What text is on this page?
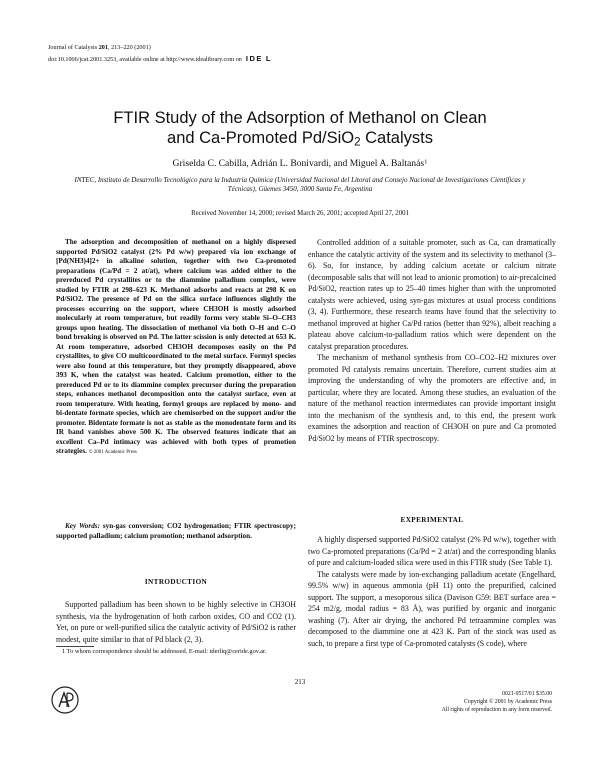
Journal of Catalysis 201, 213–220 (2001)
doi:10.1006/jcat.2001.3253, available online at http://www.idealibrary.com on IDE L
FTIR Study of the Adsorption of Methanol on Clean
and Ca-Promoted Pd/SiO$_2$ Catalysts
Griselda C. Cabilla, Adrián L. Bonivardi, and Miguel A. Baltanás$^1$
INTEC, Instituto de Desarrollo Tecnológico para la Industria Química (Universidad Nacional del Litoral and Consejo Nacional de Investigaciones Científicas y Técnicas), Güemes 3450, 3000 Santa Fe, Argentina
Received November 14, 2000; revised March 26, 2001; accepted April 27, 2001

The adsorption and decomposition of methanol on a highly dispersed supported Pd/SiO2 catalyst (2% Pd w/w) prepared via ion exchange of [Pd(NH3)4]2+ in alkaline solution, together with two Ca-promoted preparations (Ca/Pd = 2 at/at), where calcium was added either to the prereduced Pd crystallites or to the diammine palladium complex, were studied by FTIR at 298–623 K. Methanol adsorbs and reacts at 298 K on Pd/SiO2. The presence of Pd on the silica surface influences slightly the processes occurring on the support, where CH3OH is mostly adsorbed molecularly at room temperature, but readily forms very stable Si–O–CH3 groups upon heating. The dissociation of methanol via both O–H and C–O bond breaking is observed on Pd. The latter scission is only detected at 653 K. At room temperature, adsorbed CH3OH decomposes easily on the Pd crystallites, to give CO multicoordinated to the metal surface. Formyl species were also found at this temperature, but they promptly disappeared, above 393 K, when the catalyst was heated. Calcium promotion, either to the prereduced Pd or to its diammine complex precursor during the preparation steps, enhances methanol decomposition onto the catalyst surface, even at room temperature. With heating, formyl groups are replaced by mono- and bi-dentate formate species, which are chemisorbed on the support and/or the promoter. Bidentate formate is not as stable as the monodentate form and its IR band vanishes above 500 K. The observed features indicate that an excellent Ca–Pd intimacy was achieved with both types of promotion strategies. © 2001 Academic Press

Key Words: syn-gas conversion; CO2 hydrogenation; FTIR spectroscopy; supported palladium; calcium promotion; methanol adsorption.

INTRODUCTION

Supported palladium has been shown to be highly selective in CH3OH synthesis, via the hydrogenation of both carbon oxides, CO and CO2 (1). Yet, on pure or well-purified silica the catalytic activity of Pd/SiO2 is rather modest, quite similar to that of Pd black (2, 3).

1 To whom correspondence should be addressed. E-mail: tderliq@ceride.gov.ar.

Controlled addition of a suitable promoter, such as Ca, can dramatically enhance the catalytic activity of the system and its selectivity to methanol (3–6). So, for instance, by adding calcium acetate or calcium nitrate (decomposable salts that will not lead to anionic promotion) to air-precalcined Pd/SiO2, reaction rates up to 25–40 times higher than with the unpromoted catalysts were achieved, using syn-gas mixtures at usual process conditions (3, 4). Furthermore, these research teams have found that the selectivity to methanol improved at higher Ca/Pd ratios (better than 92%), albeit reaching a plateau above calcium-to-palladium ratios which were dependent on the catalyst preparation procedures.

The mechanism of methanol synthesis from CO–CO2–H2 mixtures over promoted Pd catalysts remains uncertain. Therefore, current studies aim at improving the understanding of why the promoters are effective and, in particular, where they are located. Among these studies, an evaluation of the nature of the methanol reaction intermediates can provide important insight into the mechanism of the synthesis and, to this end, the present work examines the adsorption and reaction of CH3OH on pure and Ca promoted Pd/SiO2 by means of FTIR spectroscopy.

EXPERIMENTAL

A highly dispersed supported Pd/SiO2 catalyst (2% Pd w/w), together with two Ca-promoted preparations (Ca/Pd = 2 at/at) and the corresponding blanks of pure and calcium-loaded silica were used in this FTIR study (See Table 1).

The catalysts were made by ion-exchanging palladium acetate (Engelhard, 99.5% w/w) in aqueous ammonia (pH 11) onto the prepurified, calcined support. The support, a mesoporous silica (Davison G59: BET surface area = 254 m2/g, modal radius = 83 Å), was purified by organic and inorganic washing (7). After air drying, the anchored Pd tetraammine complex was decomposed to the diammine one at 423 K. Part of the stock was used as such, to prepare a first type of Ca-promoted catalysts (S code), where

213
0021-9517/01 $35.00
Copyright © 2001 by Academic Press
All rights of reproduction in any form reserved.
